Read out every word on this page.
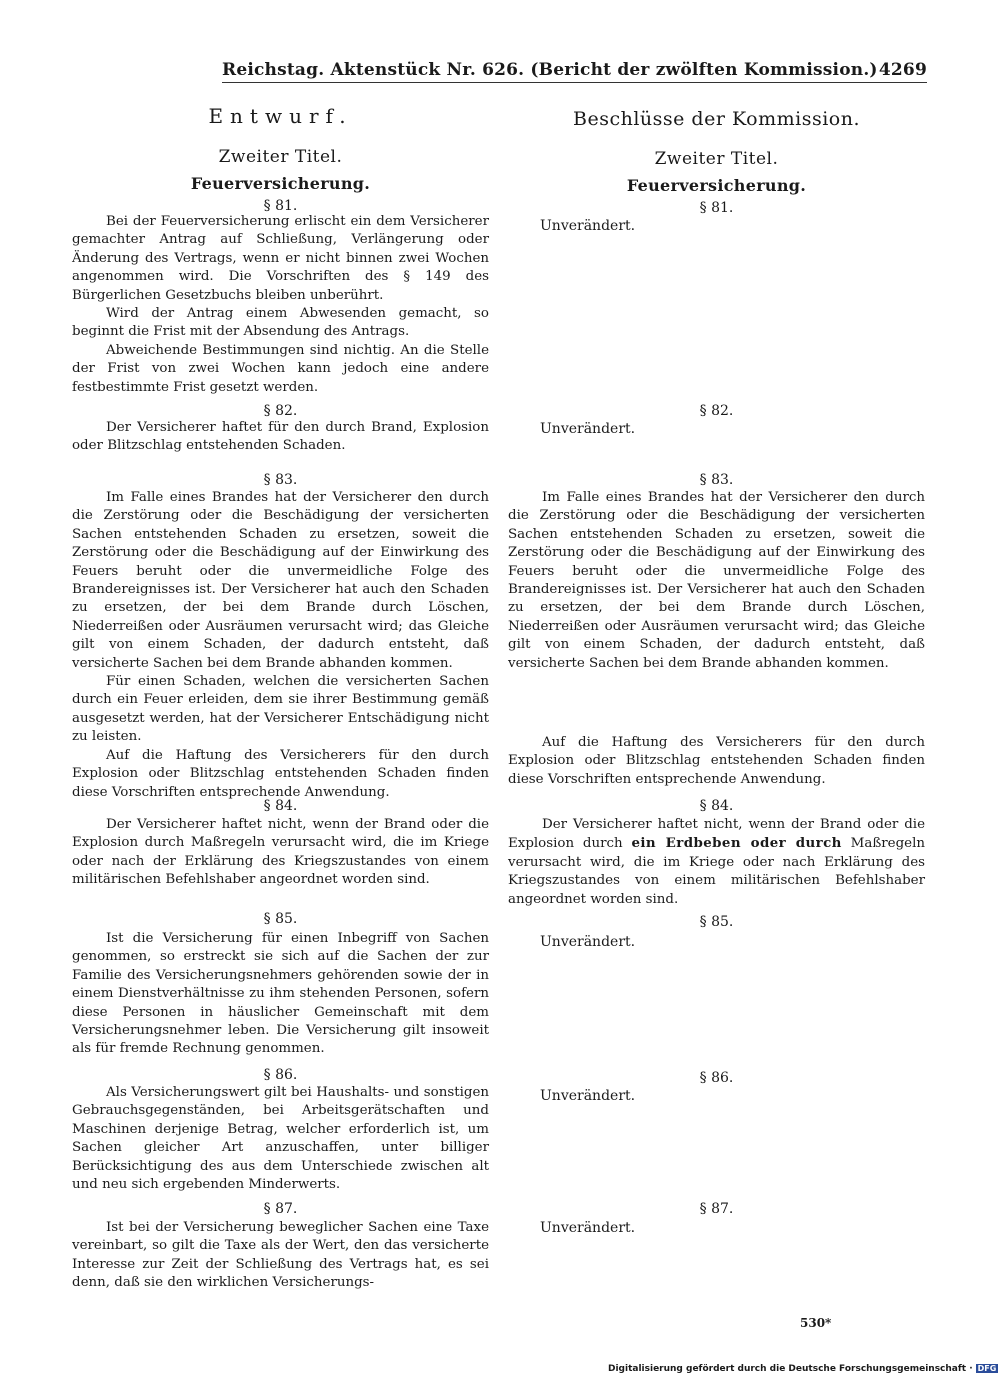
Reichstag. Aktenstück Nr. 626. (Bericht der zwölften Kommission.) 4269
Entwurf.
Zweiter Titel.
Feuerversicherung.
§ 81.

Bei der Feuerversicherung erlischt ein dem Versicherer gemachter Antrag auf Schließung, Verlängerung oder Änderung des Vertrags, wenn er nicht binnen zwei Wochen angenommen wird. Die Vorschriften des § 149 des Bürgerlichen Gesetzbuchs bleiben unberührt.

Wird der Antrag einem Abwesenden gemacht, so beginnt die Frist mit der Absendung des Antrags.

Abweichende Bestimmungen sind nichtig. An die Stelle der Frist von zwei Wochen kann jedoch eine andere festbestimmte Frist gesetzt werden.

§ 82.

Der Versicherer haftet für den durch Brand, Explosion oder Blitzschlag entstehenden Schaden.

§ 83.

Im Falle eines Brandes hat der Versicherer den durch die Zerstörung oder die Beschädigung der versicherten Sachen entstehenden Schaden zu ersetzen, soweit die Zerstörung oder die Beschädigung auf der Einwirkung des Feuers beruht oder die unvermeidliche Folge des Brandereignisses ist. Der Versicherer hat auch den Schaden zu ersetzen, der bei dem Brande durch Löschen, Niederreißen oder Ausräumen verursacht wird; das Gleiche gilt von einem Schaden, der dadurch entsteht, daß versicherte Sachen bei dem Brande abhanden kommen.

Für einen Schaden, welchen die versicherten Sachen durch ein Feuer erleiden, dem sie ihrer Bestimmung gemäß ausgesetzt werden, hat der Versicherer Entschädigung nicht zu leisten.

Auf die Haftung des Versicherers für den durch Explosion oder Blitzschlag entstehenden Schaden finden diese Vorschriften entsprechende Anwendung.

§ 84.

Der Versicherer haftet nicht, wenn der Brand oder die Explosion durch Maßregeln verursacht wird, die im Kriege oder nach der Erklärung des Kriegszustandes von einem militärischen Befehlshaber angeordnet worden sind.

§ 85.

Ist die Versicherung für einen Inbegriff von Sachen genommen, so erstreckt sie sich auf die Sachen der zur Familie des Versicherungsnehmers gehörenden sowie der in einem Dienstverhältnisse zu ihm stehenden Personen, sofern diese Personen in häuslicher Gemeinschaft mit dem Versicherungsnehmer leben. Die Versicherung gilt insoweit als für fremde Rechnung genommen.

§ 86.

Als Versicherungswert gilt bei Haushalts- und sonstigen Gebrauchsgegenständen, bei Arbeitsgerätschaften und Maschinen derjenige Betrag, welcher erforderlich ist, um Sachen gleicher Art anzuschaffen, unter billiger Berücksichtigung des aus dem Unterschiede zwischen alt und neu sich ergebenden Minderwerts.

§ 87.

Ist bei der Versicherung beweglicher Sachen eine Taxe vereinbart, so gilt die Taxe als der Wert, den das versicherte Interesse zur Zeit der Schließung des Vertrags hat, es sei denn, daß sie den wirklichen Versicherungs-

Beschlüsse der Kommission.
Zweiter Titel.
Feuerversicherung.
§ 81.
Unverändert.
§ 82.
Unverändert.
§ 83.

Im Falle eines Brandes hat der Versicherer den durch die Zerstörung oder die Beschädigung der versicherten Sachen entstehenden Schaden zu ersetzen, soweit die Zerstörung oder die Beschädigung auf der Einwirkung des Feuers beruht oder die unvermeidliche Folge des Brandereignisses ist. Der Versicherer hat auch den Schaden zu ersetzen, der bei dem Brande durch Löschen, Niederreißen oder Ausräumen verursacht wird; das Gleiche gilt von einem Schaden, der dadurch entsteht, daß versicherte Sachen bei dem Brande abhanden kommen.

Auf die Haftung des Versicherers für den durch Explosion oder Blitzschlag entstehenden Schaden finden diese Vorschriften entsprechende Anwendung.

§ 84.

Der Versicherer haftet nicht, wenn der Brand oder die Explosion durch ein Erdbeben oder durch Maßregeln verursacht wird, die im Kriege oder nach Erklärung des Kriegszustandes von einem militärischen Befehlshaber angeordnet worden sind.

§ 85.
Unverändert.
§ 86.
Unverändert.
§ 87.
Unverändert.
530*
Digitalisierung gefördert durch die Deutsche Forschungsgemeinschaft · DFG
